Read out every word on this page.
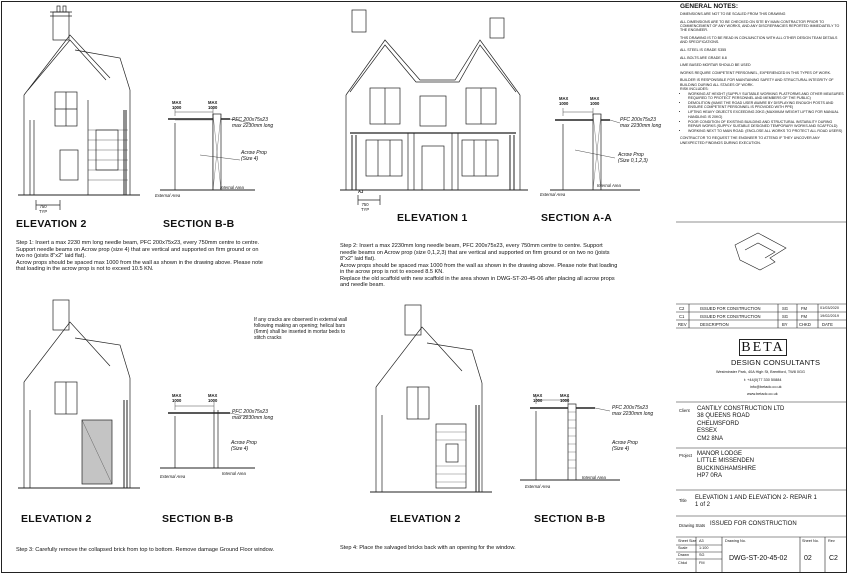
GENERAL NOTES:

DIMENSIONS ARE NOT TO BE SCALED FROM THIS DRAWING

ALL DIMENSIONS ARE TO BE CHECKED ON SITE BY MAIN CONTRACTOR PRIOR TO COMMENCEMENT OF ANY WORKS, AND ANY DISCREPANCIES REPORTED IMMEDIATELY TO THE ENGINEER.

THIS DRAWING IS TO BE READ IN CONJUNCTION WITH ALL OTHER DESIGN TEAM DETAILS AND SPECIFICATIONS.

ALL STEEL IS GRADE S355

ALL BOLTS ARE GRADE 8.8

LIME BASED MORTAR SHOULD BE USED

WORKS REQUIRE COMPETENT PERSONNEL, EXPERIENCED IN THIS TYPES OF WORK.

BUILDER IS RESPONSIBLE FOR MAINTAINING SAFETY AND STRUCTURAL INTEGRITY OF BUILDING DURING ALL STAGES OF WORK.

RISK INCLUDES:

• WORKING AT HEIGHT (SUPPLY SUITABLE WORKING PLATFORMS AND OTHER MEASURES REQUIRED TO PROTECT PERSONNEL AND MEMBERS OF THE PUBLIC)
• DEMOLITION (MAKE THE ROAD USER AWARE BY DISPLAYING ENOUGH POSTS AND ENSURE COMPETENT PERSONNEL IS PROVIDED WITH PPE)
• LIFTING HEAVY OBJECTS EXCEEDING 20KG (MAXIMUM WEIGHT LIFTING FOR MANUAL HANDLING IS 20KG)
• POOR CONDITION OF EXISTING BUILDING AND STRUCTURAL INSTABILITY DURING REPAIR WORKS (SUPPLY SUITABLE DESIGNED TEMPORARY WORKS AND SCAFFOLD)
• WORKING NEXT TO MAIN ROAD. (ENCLOSE ALL WORKS TO PROTECT ALL ROAD USERS)

CONTRACTOR TO REQUEST THE ENGINEER TO ATTEND IF THEY UNCOVER ANY UNEXPECTED FINDINGS DURING EXECUTION.

ELEVATION 2	SECTION B-B
MAX
1000
MAX
1000
PFC 200x75x23
max 2230mm long
Acrow Prop
(Size 4)
External Area
Internal Area
750
TYP
Step 1: Insert a max 2230 mm long needle beam, PFC 200x75x23, every 750mm centre to centre. Support needle beams on Acrow prop (size 4) that are vertical and supported on firm ground or on two no (joists 8"x2" laid flat).
Acrow props should be spaced max 1000 from the wall as shown in the drawing above. Please note that loading in the acrow prop is not to exceed 10.5 KN.
ELEVATION 1	SECTION A-A
MAX
1000
MAX
1000
PFC 200x75x23
max 2230mm long
Acrow Prop
(Size 0,1,2,3)
External Area
Internal Area
750
TYP
AJ
Step 2: Insert a max 2230mm long needle beam, PFC 200x75x23, every 750mm centre to centre. Support needle beams on Acrow prop (size 0,1,2,3) that are vertical and supported on firm ground or on two no (joists 8"x2" laid flat).
Acrow props should be spaced max 1000 from the wall as shown in the drawing above. Please note that loading in the acrow prop is not to exceed 8.5 KN.
Replace the old scaffold with new scaffold in the area shown in DWG-ST-20-45-06 after placing all acrow props and needle beam.
ELEVATION 2	SECTION B-B
MAX
1000
MAX
1000
PFC 200x75x23
max 2230mm long
Acrow Prop
(Size 4)
External Area
Internal Area
If any cracks are observed in external wall following making an opening; helical bars (6mm) shall be inserted in mortar beds to stitch cracks
Step 3: Carefully remove the collapsed brick from top to bottom. Remove damage Ground Floor window.
ELEVATION 2	SECTION B-B
MAX
1000
MAX
1000
PFC 200x75x23
max 2230mm long
Acrow Prop
(Size 4)
External Area
Internal Area
Step 4: Place the salvaged bricks back with an opening for the window.
C2	ISSUED FOR CONSTRUCTION	SG	FM	01/03/2020
C1	ISSUED FOR CONSTRUCTION	SG	FM	19/02/2019
REV	DESCRIPTION	BY	CHKD	DATE
BETA
DESIGN CONSULTANTS
Westminster Park, 40A High St, Brentford, TW8 0GG
t: +44(0)77 330 50884
info@betadc.co.uk
www.betadc.co.uk
Client CANTILY CONSTRUCTION LTD
38 QUEENS ROAD
CHELMSFORD
ESSEX
CM2 8NA
Project MANOR LODGE
LITTLE MISSENDEN
BUCKINGHAMSHIRE
HP7 0RA
Title ELEVATION 1 AND ELEVATION 2- REPAIR 1
1 of 2
Drawing Stats ISSUED FOR CONSTRUCTION
Sheet Size A3
Scale	1:100
Drawn	SG
Chkd	FM
Drawing No.
DWG-ST-20-45-02
Sheet No.
02
Rev
C2
